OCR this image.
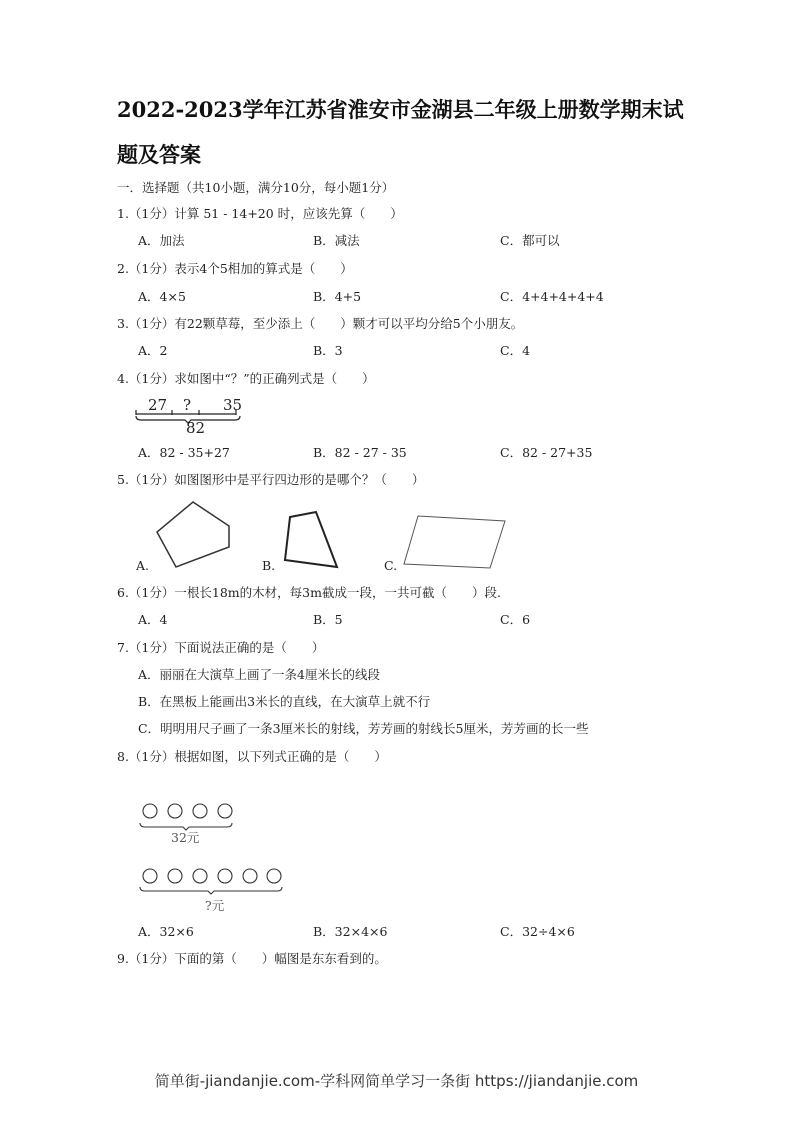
2022-2023学年江苏省淮安市金湖县二年级上册数学期末试
题及答案
一．选择题（共10小题，满分10分，每小题1分）
1.（1分）计算 51 - 14+20 时，应该先算（　　）
A．加法	B．减法	C．都可以
2.（1分）表示4个5相加的算式是（　　）
A．4×5	B．4+5	C．4+4+4+4+4
3.（1分）有22颗草莓，至少添上（　　）颗才可以平均分给5个小朋友。
A．2	B．3	C．4
4.（1分）求如图中“？”的正确列式是（　　）
27 ? 35
82
A．82 - 35+27	B．82 - 27 - 35	C．82 - 27+35
5.（1分）如图图形中是平行四边形的是哪个？（　　）
A.	B.	C.
6.（1分）一根长18m的木材，每3m截成一段，一共可截（　　）段.
A．4	B．5	C．6
7.（1分）下面说法正确的是（　　）
A．丽丽在大演草上画了一条4厘米长的线段
B．在黑板上能画出3米长的直线，在大演草上就不行
C．明明用尺子画了一条3厘米长的射线，芳芳画的射线长5厘米，芳芳画的长一些
8.（1分）根据如图，以下列式正确的是（　　）
32元
?元
A．32×6	B．32×4×6	C．32÷4×6
9.（1分）下面的第（　　）幅图是东东看到的。
简单街-jiandanjie.com-学科网简单学习一条街 https://jiandanjie.com
